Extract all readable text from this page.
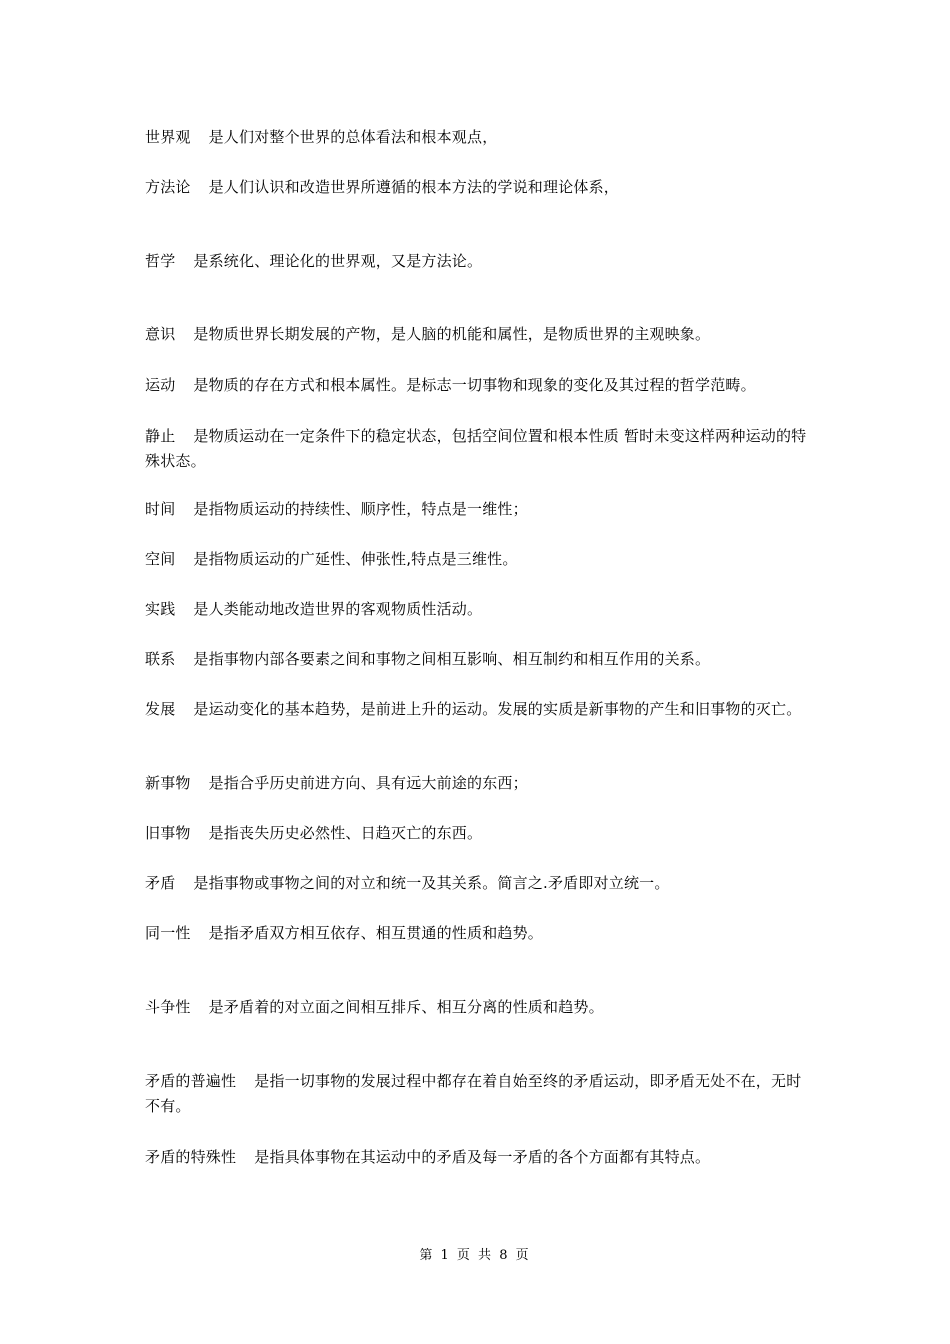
世界观 是人们对整个世界的总体看法和根本观点，

方法论 是人们认识和改造世界所遵循的根本方法的学说和理论体系，

哲学 是系统化、理论化的世界观，又是方法论。

意识 是物质世界长期发展的产物，是人脑的机能和属性，是物质世界的主观映象。

运动 是物质的存在方式和根本属性。是标志一切事物和现象的变化及其过程的哲学范畴。

静止 是物质运动在一定条件下的稳定状态，包括空间位置和根本性质 暂时未变这样两种运动的特殊状态。

时间 是指物质运动的持续性、顺序性，特点是一维性；

空间 是指物质运动的广延性、伸张性,特点是三维性。

实践 是人类能动地改造世界的客观物质性活动。

联系 是指事物内部各要素之间和事物之间相互影响、相互制约和相互作用的关系。

发展 是运动变化的基本趋势，是前进上升的运动。发展的实质是新事物的产生和旧事物的灭亡。

新事物 是指合乎历史前进方向、具有远大前途的东西；

旧事物 是指丧失历史必然性、日趋灭亡的东西。

矛盾 是指事物或事物之间的对立和统一及其关系。简言之.矛盾即对立统一。

同一性 是指矛盾双方相互依存、相互贯通的性质和趋势。

斗争性 是矛盾着的对立面之间相互排斥、相互分离的性质和趋势。

矛盾的普遍性 是指一切事物的发展过程中都存在着自始至终的矛盾运动，即矛盾无处不在，无时不有。

矛盾的特殊性 是指具体事物在其运动中的矛盾及每一矛盾的各个方面都有其特点。

第 1 页 共 8 页
